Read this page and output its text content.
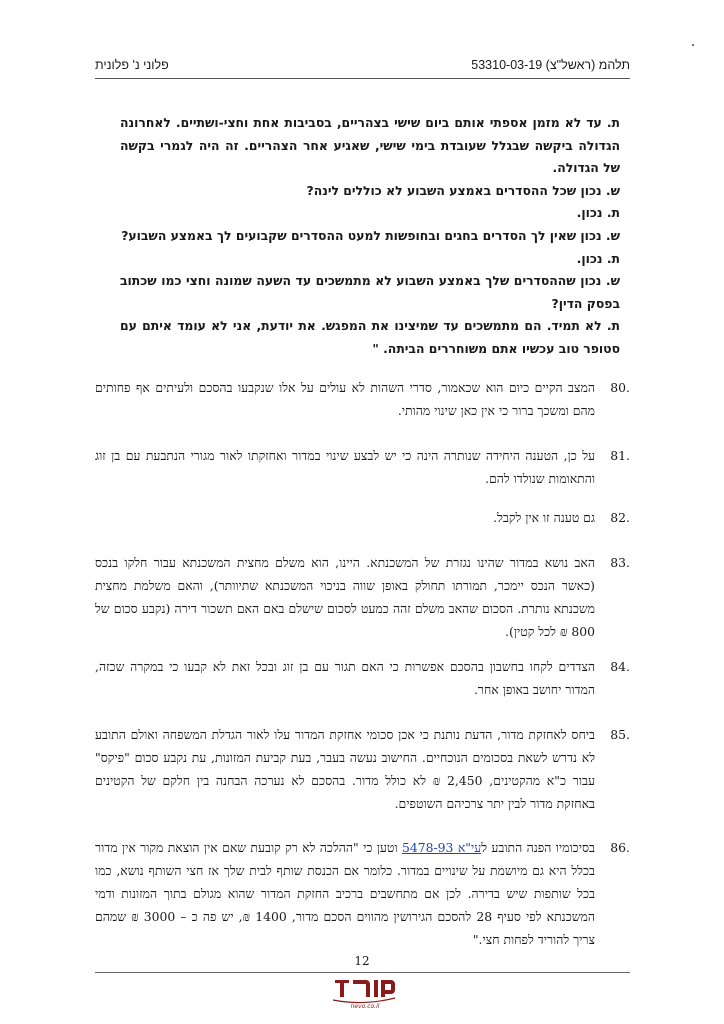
תלהמ (ראשל"צ) 53310-03-19
פלוני נ' פלונית

ת. עד לא מזמן אספתי אותם ביום שישי בצהריים, בסביבות אחת וחצי-ושתיים. לאחרונה הגדולה ביקשה שבגלל שעובדת בימי שישי, שאגיע אחר הצהריים. זה היה לגמרי בקשה של הגדולה.

ש. נכון שכל ההסדרים באמצע השבוע לא כוללים לינה?

ת. נכון.

ש. נכון שאין לך הסדרים בחגים ובחופשות למעט ההסדרים שקבועים לך באמצע השבוע?

ת. נכון.

ש. נכון שההסדרים שלך באמצע השבוע לא מתמשכים עד השעה שמונה וחצי כמו שכתוב בפסק הדין?

ת. לא תמיד. הם מתמשכים עד שמיצינו את המפגש. את יודעת, אני לא עומד איתם עם סטופר טוב עכשיו אתם משוחררים הביתה. "

80.
המצב הקיים כיום הוא שכאמור, סדרי השהות לא עולים על אלו שנקבעו בהסכם ולעיתים אף פחותים מהם ומשכך ברור כי אין כאן שינוי מהותי.
81.
על כן, הטענה היחידה שנותרה הינה כי יש לבצע שינוי במדור ואחזקתו לאור מגורי הנתבעת עם בן זוג והתאומות שנולדו להם.
82.
גם טענה זו אין לקבל.
83.
האב נושא במדור שהינו נגזרת של המשכנתא. היינו, הוא משלם מחצית המשכנתא עבור חלקו בנכס (כאשר הנכס יימכר, תמורתו תחולק באופן שווה בניכוי המשכנתא שתיוותר), והאם משלמת מחצית משכנתא נותרת. הסכום שהאב משלם זהה כמעט לסכום שישלם באם האם תשכור דירה (נקבע סכום של 800 ₪ לכל קטין).
84.
הצדדים לקחו בחשבון בהסכם אפשרות כי האם תגור עם בן זוג ובכל זאת לא קבעו כי במקרה שכזה, המדור יחושב באופן אחר.
85.
ביחס לאחזקת מדור, הדעת נותנת כי אכן סכומי אחזקת המדור עלו לאור הגדלת המשפחה ואולם התובע לא נדרש לשאת בסכומים הנוכחיים. החישוב נעשה בעבר, בעת קביעת המזונות, עת נקבע סכום "פיקס" עבור כ"א מהקטינים, 2,450 ₪ לא כולל מדור. בהסכם לא נערכה הבחנה בין חלקם של הקטינים באחזקת מדור לבין יתר צרכיהם השוטפים.
86.
בסיכומיו הפנה התובע לעי"א 5478-93 וטען כי "ההלכה לא רק קובעת שאם אין הוצאת מקור אין מדור בכלל היא גם מיושמת על שינויים במדור. כלומר אם הכנסת שותף לבית שלך אז חצי השותף נושא, כמו בכל שותפות שיש בדירה. לכן אם מתחשבים ברכיב החזקת המדור שהוא מגולם בתוך המזונות ודמי המשכנתא לפי סעיף 28 להסכם הגירושין מהווים הסכם מדור, 1400 ₪, יש פה כ – 3000 ₪ שמהם צריך להוריד לפחות חצי."
12
nevo.co.il
